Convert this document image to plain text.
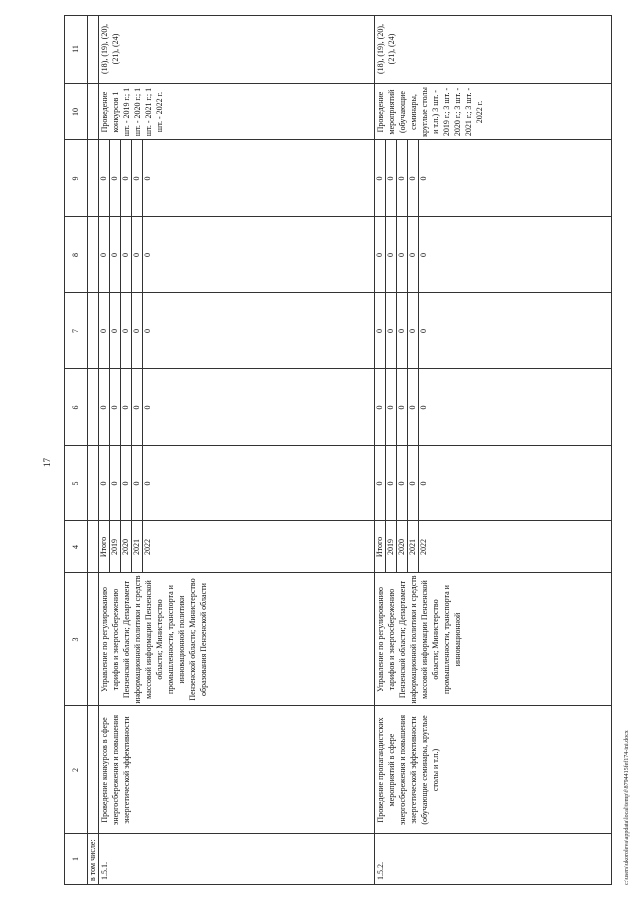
17
1
2
3
4
5
6
7
8
9
10
11
в том числе: 1.5.1.
Проведение конкурсов в сфере энергосбережения и повышения энергетической эффективности
Управление по регулированию тарифов и энергосбережению Пензенской области; Департамент информационной политики и средств массовой информации Пензенской области; Министерство промышленности, транспорта и инновационной политики Пензенской области; Министерство образования Пензенской области
Итого 2019 2020 2021 2022
Проведение конкурсов 1 шт. - 2019 г.; 1 шт. - 2020 г.; 1 шт. - 2021 г.; 1 шт. - 2022 г.
(18), (19), (20), (21), (24)
1.5.2.
Проведение пропагандистских мероприятий в сфере энергосбережения и повышения энергетической эффективности (обучающие семинары, круглые столы и т.п.)
Управление по регулированию тарифов и энергосбережению Пензенской области; Департамент информационной политики и средств массовой информации Пензенской области; Министерство промышленности, транспорта и инновационной
Итого 2019 2020 2021 2022
Проведение мероприятий (обучающие семинары, круглые столы и т.п.) 3 шт. - 2019 г.; 3 шт. - 2020 г.; 3 шт. - 2021 г.; 3 шт. - 2022 г.
(18), (19), (20), (21), (24)
0
0
0
0
0
0
0
0
0
0
0
0
0
0
0
0
0
0
0
0
0
0
0
0
0
0
0
0
0
0
0
0
0
0
0
0
0
0
0
0
0
0
0
0
0
0
0
0
0
0
c:\users\ukoroleva\appdata\local\temp\f\8794415fef174-ini.docx
